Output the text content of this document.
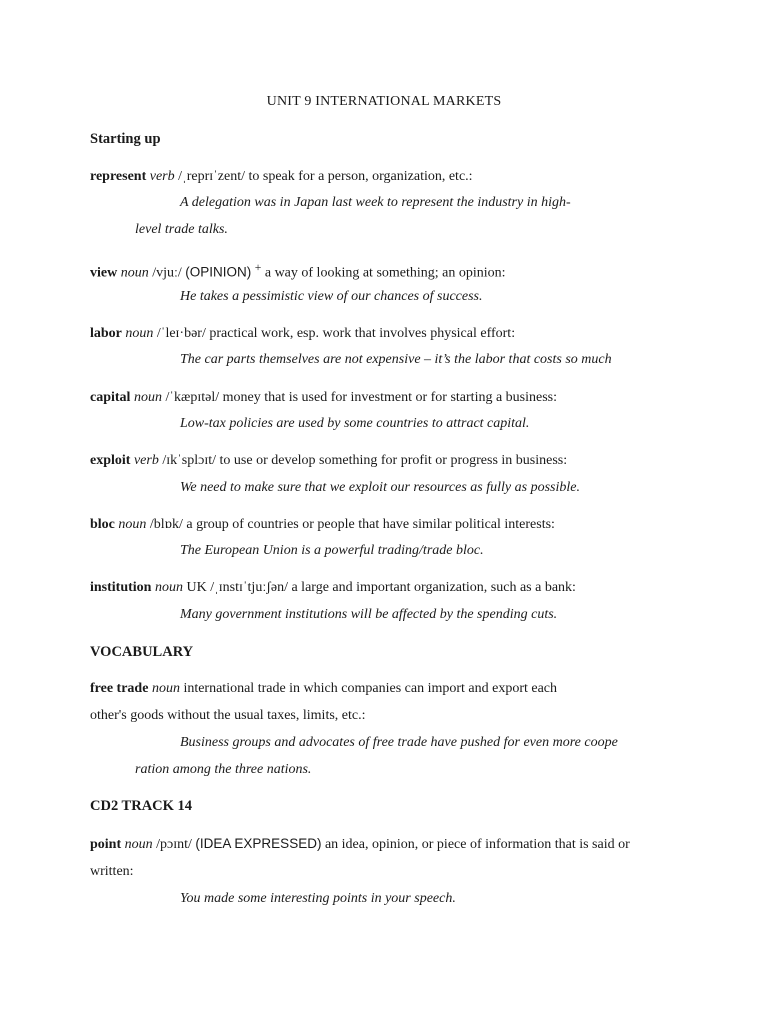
UNIT 9 INTERNATIONAL MARKETS
Starting up
represent verb /ˌreprɪˈzent/ to speak for a person, organization, etc.:
A delegation was in Japan last week to represent the industry in high-
level trade talks.
view noun /vjuː/ (OPINION) + a way of looking at something; an opinion:
He takes a pessimistic view of our chances of success.
labor noun /ˈleɪ·bər/ practical work, esp. work that involves physical effort:
The car parts themselves are not expensive – it’s the labor that costs so much
capital noun /ˈkæpɪtəl/ money that is used for investment or for starting a business:
Low-tax policies are used by some countries to attract capital.
exploit verb /ɪkˈsplɔɪt/ to use or develop something for profit or progress in business:
We need to make sure that we exploit our resources as fully as possible.
bloc noun /blɒk/ a group of countries or people that have similar political interests:
The European Union is a powerful trading/trade bloc.
institution noun UK /ˌɪnstɪˈtjuːʃən/ a large and important organization, such as a bank:
Many government institutions will be affected by the spending cuts.
VOCABULARY
free trade noun international trade in which companies can import and export each
other's goods without the usual taxes, limits, etc.:
Business groups and advocates of free trade have pushed for even more coope
ration among the three nations.
CD2 TRACK 14
point noun /pɔɪnt/ (IDEA EXPRESSED) an idea, opinion, or piece of information that is said or
written:
You made some interesting points in your speech.
